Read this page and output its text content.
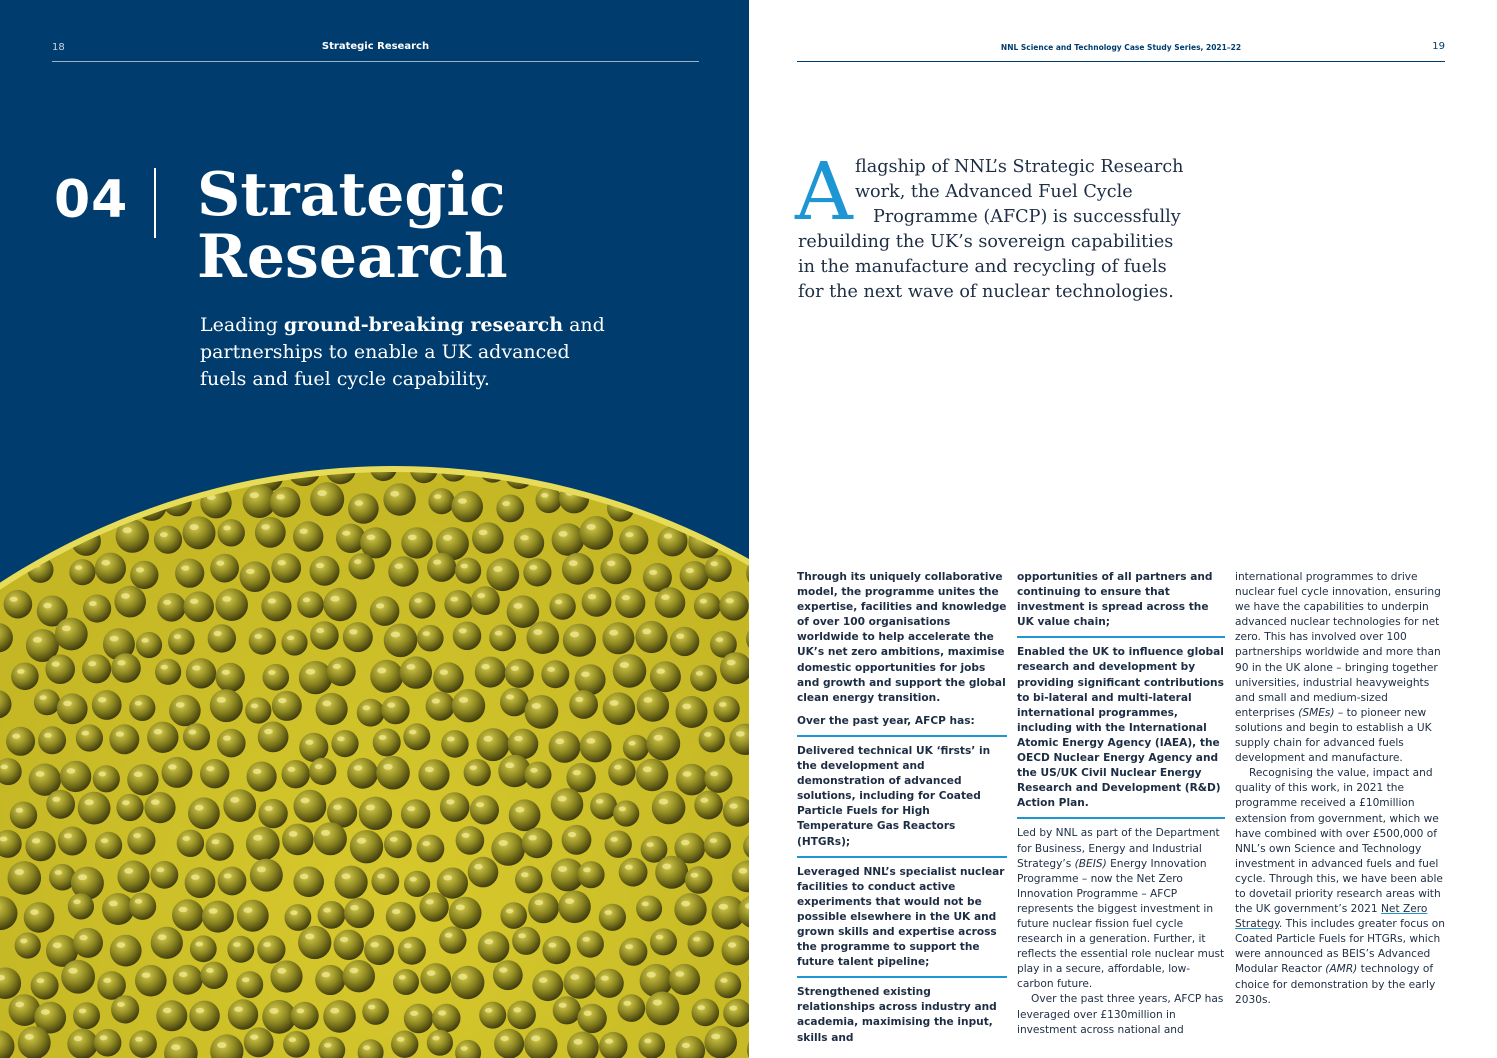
18	Strategic Research
04 Strategic
Research
Leading ground-breaking research and
partnerships to enable a UK advanced
fuels and fuel cycle capability.
NNL Science and Technology Case Study Series, 2021–22	19
A flagship of NNL’s Strategic Research
work, the Advanced Fuel Cycle
Programme (AFCP) is successfully
rebuilding the UK’s sovereign capabilities
in the manufacture and recycling of fuels
for the next wave of nuclear technologies.

Through its uniquely collaborative model, the programme unites the expertise, facilities and knowledge of over 100 organisations worldwide to help accelerate the UK’s net zero ambitions, maximise domestic opportunities for jobs and growth and support the global clean energy transition.

Over the past year, AFCP has:

Delivered technical UK ‘firsts’ in the development and demonstration of advanced solutions, including for Coated Particle Fuels for High Temperature Gas Reactors (HTGRs);

Leveraged NNL’s specialist nuclear facilities to conduct active experiments that would not be possible elsewhere in the UK and grown skills and expertise across the programme to support the future talent pipeline;

Strengthened existing relationships across industry and academia, maximising the input, skills and

opportunities of all partners and continuing to ensure that investment is spread across the UK value chain;

Enabled the UK to influence global research and development by providing significant contributions to bi-lateral and multi-lateral international programmes, including with the International Atomic Energy Agency (IAEA), the OECD Nuclear Energy Agency and the US/UK Civil Nuclear Energy Research and Development (R&D) Action Plan.

Led by NNL as part of the Department for Business, Energy and Industrial Strategy’s (BEIS) Energy Innovation Programme – now the Net Zero Innovation Programme – AFCP represents the biggest investment in future nuclear fission fuel cycle research in a generation. Further, it reflects the essential role nuclear must play in a secure, affordable, low-carbon future.

Over the past three years, AFCP has leveraged over £130million in investment across national and

international programmes to drive nuclear fuel cycle innovation, ensuring we have the capabilities to underpin advanced nuclear technologies for net zero. This has involved over 100 partnerships worldwide and more than 90 in the UK alone – bringing together universities, industrial heavyweights and small and medium-sized enterprises (SMEs) – to pioneer new solutions and begin to establish a UK supply chain for advanced fuels development and manufacture.

Recognising the value, impact and quality of this work, in 2021 the programme received a £10million extension from government, which we have combined with over £500,000 of NNL’s own Science and Technology investment in advanced fuels and fuel cycle. Through this, we have been able to dovetail priority research areas with the UK government’s 2021 Net Zero Strategy. This includes greater focus on Coated Particle Fuels for HTGRs, which were announced as BEIS’s Advanced Modular Reactor (AMR) technology of choice for demonstration by the early 2030s.
